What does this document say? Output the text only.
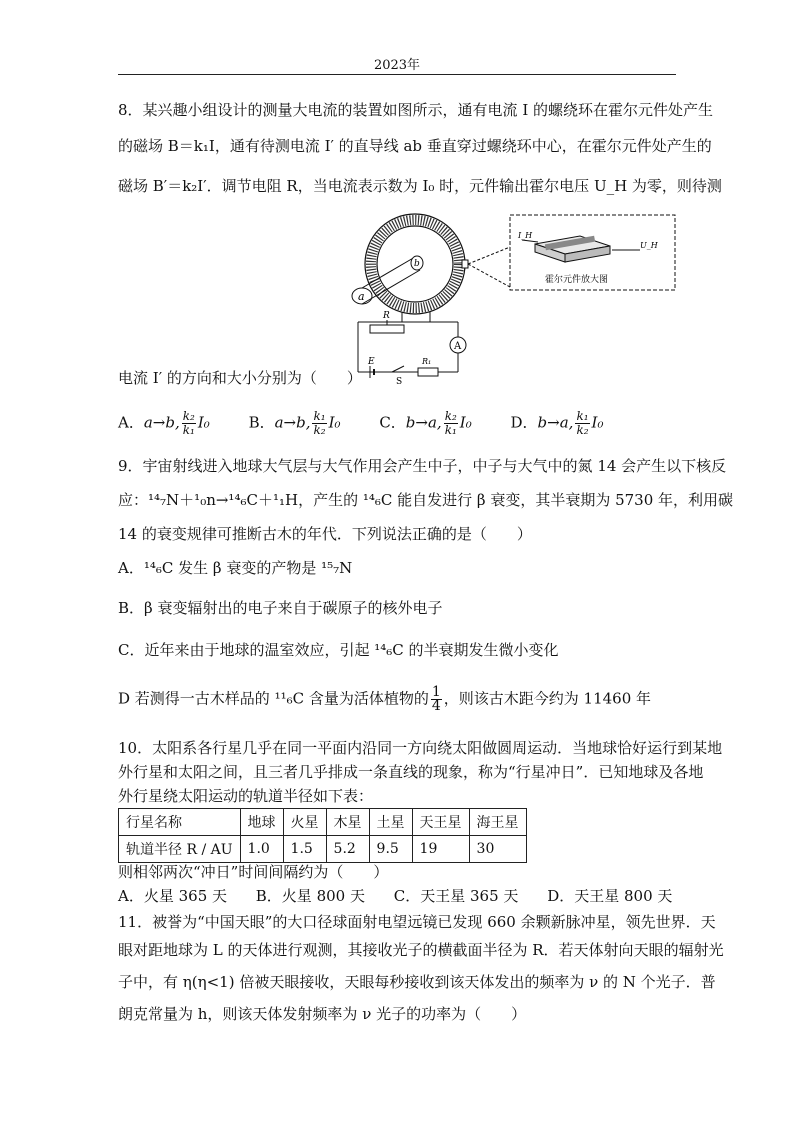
2023年
8．某兴趣小组设计的测量大电流的装置如图所示，通有电流 I 的螺绕环在霍尔元件处产生
的磁场 B＝k₁I，通有待测电流 I′ 的直导线 ab 垂直穿过螺绕环中心，在霍尔元件处产生的
磁场 B′＝k₂I′．调节电阻 R，当电流表示数为 I₀ 时，元件输出霍尔电压 U_H 为零，则待测
a
b
I_H
U_H
霍尔元件放大图
R
A
E
S
R₁
电流 I′ 的方向和大小分别为（　　）
A．a→b, $\frac{\text{k₂}}{\text{k₁}} I_0$	B．a→b, $\frac{\text{k₁}}{\text{k₂}} I_0$	C．b→a, $\frac{\text{k₂}}{\text{k₁}} I_0$	D．b→a, $\frac{\text{k₁}}{\text{k₂}} I_0$
9．宇宙射线进入地球大气层与大气作用会产生中子，中子与大气中的氮 14 会产生以下核反
应：¹⁴₇N＋¹₀n→¹⁴₆C＋¹₁H，产生的 ¹⁴₆C 能自发进行 β 衰变，其半衰期为 5730 年，利用碳
14 的衰变规律可推断古木的年代．下列说法正确的是（　　）
A．¹⁴₆C 发生 β 衰变的产物是 ¹⁵₇N
B．β 衰变辐射出的电子来自于碳原子的核外电子
C．近年来由于地球的温室效应，引起 ¹⁴₆C 的半衰期发生微小变化
D 若测得一古木样品的 ¹¹₆C 含量为活体植物的 $\frac{1}{4}$ ，则该古木距今约为 11460 年
10．太阳系各行星几乎在同一平面内沿同一方向绕太阳做圆周运动．当地球恰好运行到某地
外行星和太阳之间，且三者几乎排成一条直线的现象，称为“行星冲日”．已知地球及各地
外行星绕太阳运动的轨道半径如下表：
行星名称	地球	火星	木星	土星	天王星	海王星
轨道半径 R / AU	1.0	1.5	5.2	9.5	19	30
则相邻两次“冲日”时间间隔约为（　　）
A．火星 365 天 B．火星 800 天 C．天王星 365 天 D．天王星 800 天
11．被誉为“中国天眼”的大口径球面射电望远镜已发现 660 余颗新脉冲星，领先世界．天
眼对距地球为 L 的天体进行观测，其接收光子的横截面半径为 R．若天体射向天眼的辐射光
子中，有 η(η<1) 倍被天眼接收，天眼每秒接收到该天体发出的频率为 ν 的 N 个光子．普
朗克常量为 h，则该天体发射频率为 ν 光子的功率为（　　）
